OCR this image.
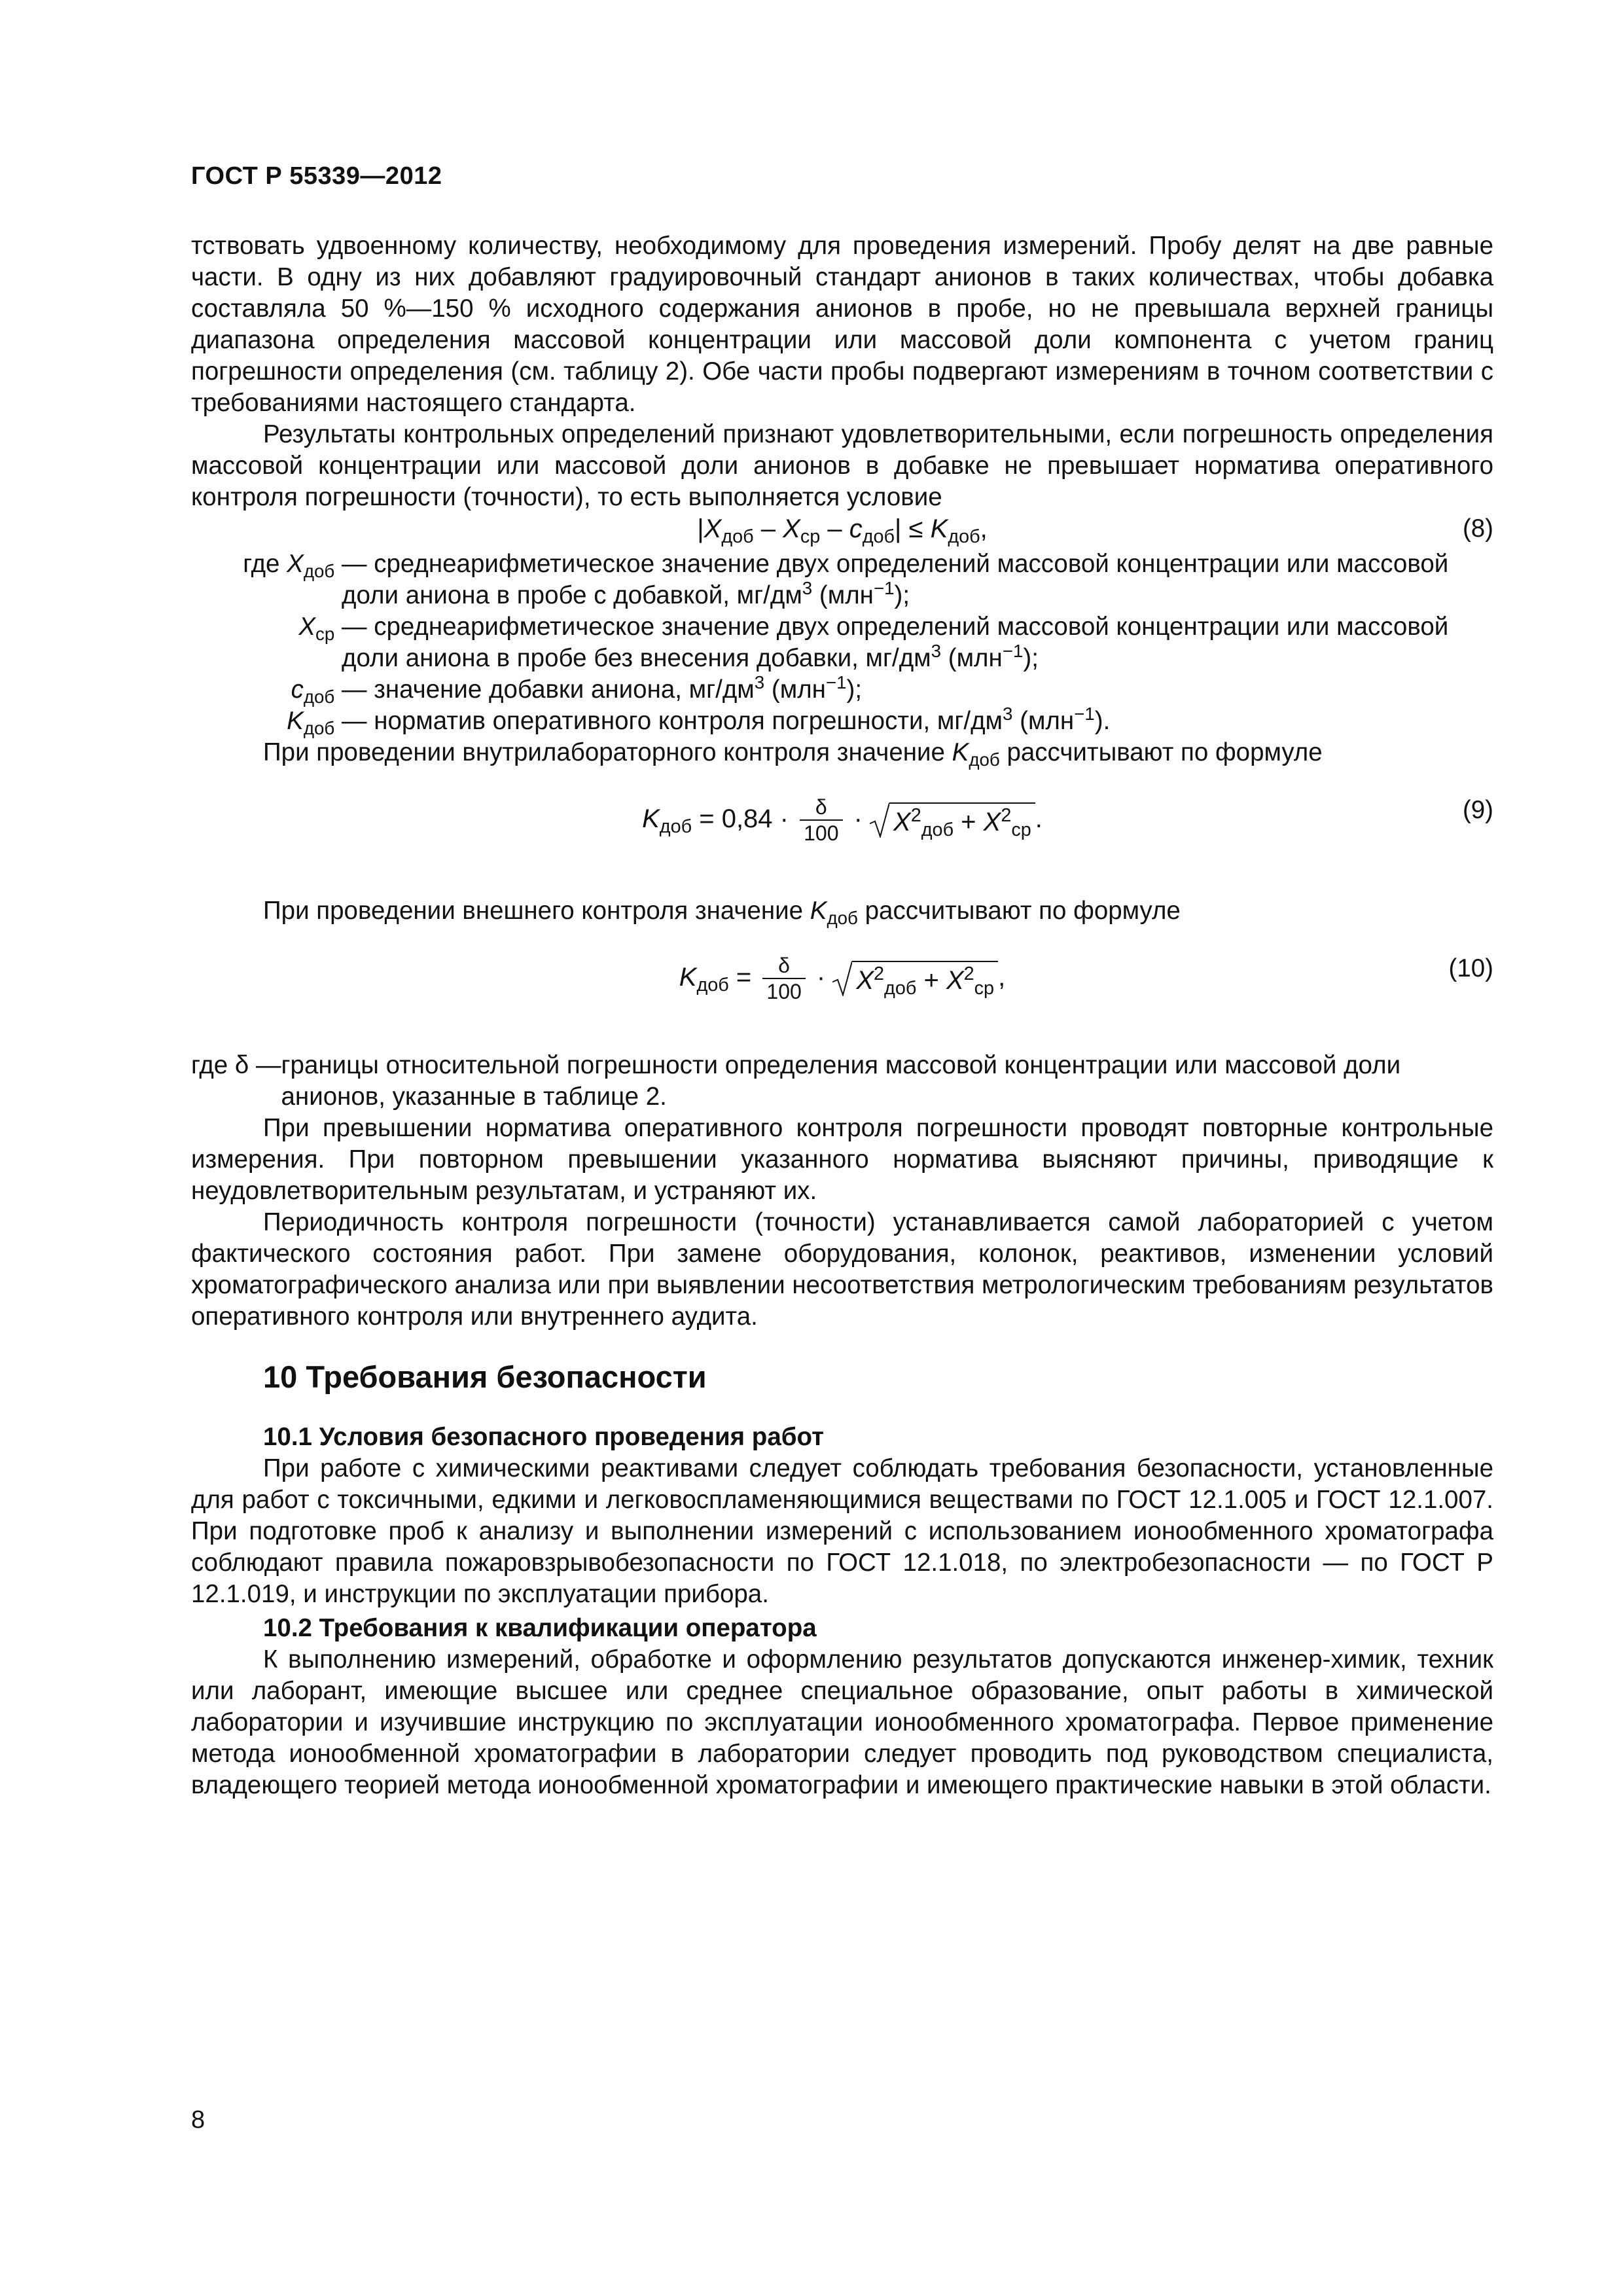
ГОСТ Р 55339—2012

тствовать удвоенному количеству, необходимому для проведения измерений. Пробу делят на две равные части. В одну из них добавляют градуировочный стандарт анионов в таких количествах, чтобы добавка составляла 50 %—150 % исходного содержания анионов в пробе, но не превышала верхней границы диапазона определения массовой концентрации или массовой доли компонента с учетом границ погрешности определения (см. таблицу 2). Обе части пробы подвергают измерениям в точном соответствии с требованиями настоящего стандарта.

Результаты контрольных определений признают удовлетворительными, если погрешность определения массовой концентрации или массовой доли анионов в добавке не превышает норматива оперативного контроля погрешности (точности), то есть выполняется условие

$|X_{доб} - X_{ср} - c_{доб}| \le K_{доб}$,	(8)
где $X_{доб}$ — среднеарифметическое значение двух определений массовой концентрации или массовой доли аниона в пробе с добавкой, $мг/дм^3$ (млн$^{-1}$);
$X_{ср}$ — среднеарифметическое значение двух определений массовой концентрации или массовой доли аниона в пробе без внесения добавки, $мг/дм^3$ (млн$^{-1}$);
$c_{доб}$ — значение добавки аниона, $мг/дм^3$ (млн$^{-1}$);
$K_{доб}$ — норматив оперативного контроля погрешности, $мг/дм^3$ (млн$^{-1}$).

При проведении внутрилабораторного контроля значение $K_{доб}$ рассчитывают по формуле

$K_{доб} = 0,84 \cdot \frac{\delta}{100}$ ·
$X^2_{доб} + X^2_{ср}$ .	(9)

При проведении внешнего контроля значение $K_{доб}$ рассчитывают по формуле

$K_{доб} = \frac{\delta}{100}$ ·
$X^2_{доб} + X^2_{ср}$ ,	(10)
где δ — границы относительной погрешности определения массовой концентрации или массовой доли анионов, указанные в таблице 2.

При превышении норматива оперативного контроля погрешности проводят повторные контрольные измерения. При повторном превышении указанного норматива выясняют причины, приводящие к неудовлетворительным результатам, и устраняют их.

Периодичность контроля погрешности (точности) устанавливается самой лабораторией с учетом фактического состояния работ. При замене оборудования, колонок, реактивов, изменении условий хроматографического анализа или при выявлении несоответствия метрологическим требованиям результатов оперативного контроля или внутреннего аудита.

10 Требования безопасности
10.1 Условия безопасного проведения работ

При работе с химическими реактивами следует соблюдать требования безопасности, установленные для работ с токсичными, едкими и легковоспламеняющимися веществами по ГОСТ 12.1.005 и ГОСТ 12.1.007. При подготовке проб к анализу и выполнении измерений с использованием ионообменного хроматографа соблюдают правила пожаровзрывобезопасности по ГОСТ 12.1.018, по электробезопасности — по ГОСТ Р 12.1.019, и инструкции по эксплуатации прибора.

10.2 Требования к квалификации оператора

К выполнению измерений, обработке и оформлению результатов допускаются инженер-химик, техник или лаборант, имеющие высшее или среднее специальное образование, опыт работы в химической лаборатории и изучившие инструкцию по эксплуатации ионообменного хроматографа. Первое применение метода ионообменной хроматографии в лаборатории следует проводить под руководством специалиста, владеющего теорией метода ионообменной хроматографии и имеющего практические навыки в этой области.

8
